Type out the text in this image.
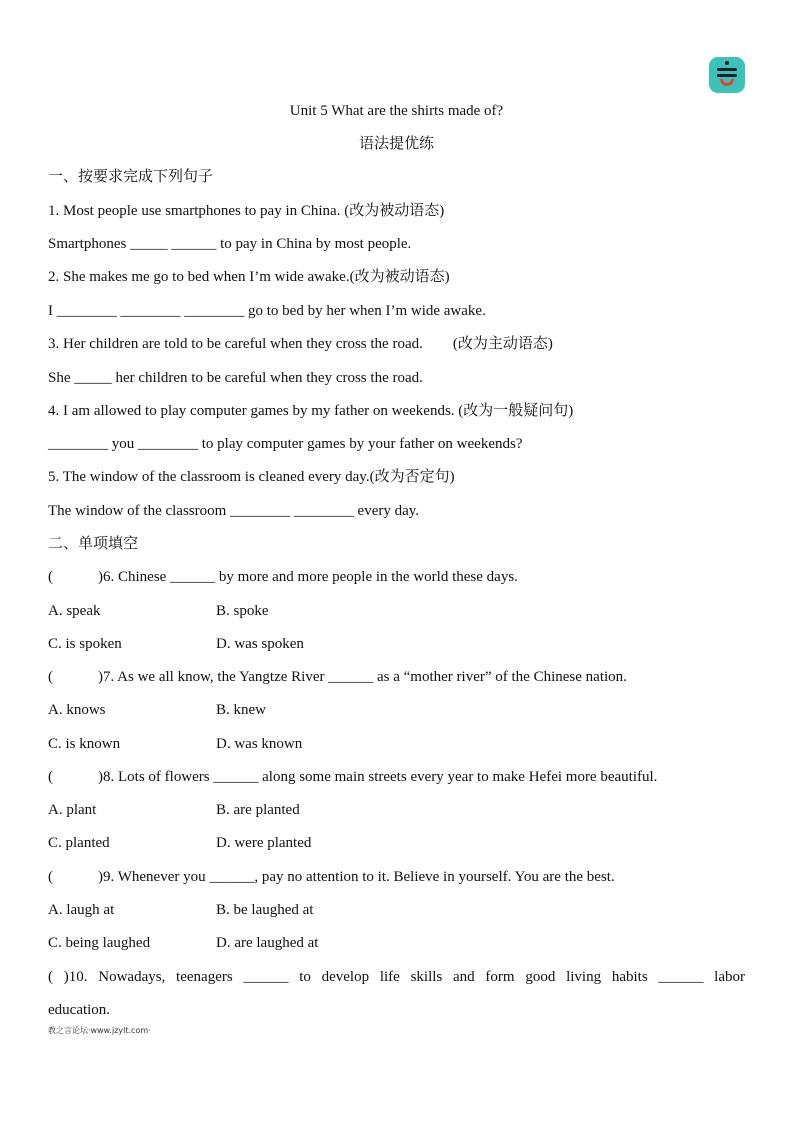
Unit 5 What are the shirts made of?
语法提优练
一、按要求完成下列句子
1. Most people use smartphones to pay in China. (改为被动语态)
Smartphones _____ ______ to pay in China by most people.
2. She makes me go to bed when I’m wide awake.(改为被动语态)
I ________ ________ ________ go to bed by her when I’m wide awake.
3. Her children are told to be careful when they cross the road.        (改为主动语态)
She _____ her children to be careful when they cross the road.
4. I am allowed to play computer games by my father on weekends. (改为一般疑问句)
________ you ________ to play computer games by your father on weekends?
5. The window of the classroom is cleaned every day.(改为否定句)
The window of the classroom ________ ________ every day.
二、单项填空
(            )6. Chinese ______ by more and more people in the world these days.
A. speak	B. spoke
C. is spoken	D. was spoken
(            )7. As we all know, the Yangtze River ______ as a “mother river” of the Chinese nation.
A. knows	B. knew
C. is known	D. was known
(            )8. Lots of flowers ______ along some main streets every year to make Hefei more beautiful.
A. plant	B. are planted
C. planted	D. were planted
(            )9. Whenever you ______, pay no attention to it. Believe in yourself. You are the best.
A. laugh at	B. be laughed at
C. being laughed	D. are laughed at
( )10. Nowadays, teenagers ______ to develop life skills and form good living habits ______ labor
education.
教之言论坛·www.jzylt.com·
